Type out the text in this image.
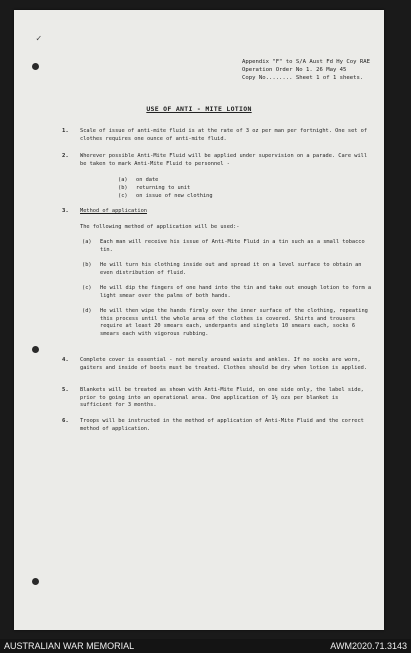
✓
Appendix "F" to S/A Aust Fd Hy Coy RAE
Operation Order No 1. 26 May 45
Copy No........ Sheet 1 of 1 sheets.
USE OF ANTI - MITE LOTION
1. Scale of issue of anti-mite fluid is at the rate of 3 oz per man per fortnight. One set of clothes requires one ounce of anti-mite fluid.
2. Wherever possible Anti-Mite Fluid will be applied under supervision on a parade. Care will be taken to mark Anti-Mite Fluid to personnel -
(a) on date
(b) returning to unit
(c) on issue of new clothing
3. Method of application
The following method of application will be used:-
(a) Each man will receive his issue of Anti-Mite Fluid in a tin such as a small tobacco tin.
(b) He will turn his clothing inside out and spread it on a level surface to obtain an even distribution of fluid.
(c) He will dip the fingers of one hand into the tin and take out enough lotion to form a light smear over the palms of both hands.
(d) He will then wipe the hands firmly over the inner surface of the clothing, repeating this process until the whole area of the clothes is covered. Shirts and trousers require at least 20 smears each, underpants and singlets 10 smears each, socks 6 smears each with vigorous rubbing.
4. Complete cover is essential - not merely around waists and ankles. If no socks are worn, gaiters and inside of boots must be treated. Clothes should be dry when lotion is applied.
5. Blankets will be treated as shown with Anti-Mite Fluid, on one side only, the label side, prior to going into an operational area. One application of 1½ ozs per blanket is sufficient for 3 months.
6. Troops will be instructed in the method of application of Anti-Mite Fluid and the correct method of application.
AUSTRALIAN WAR MEMORIAL	AWM2020.71.3143
